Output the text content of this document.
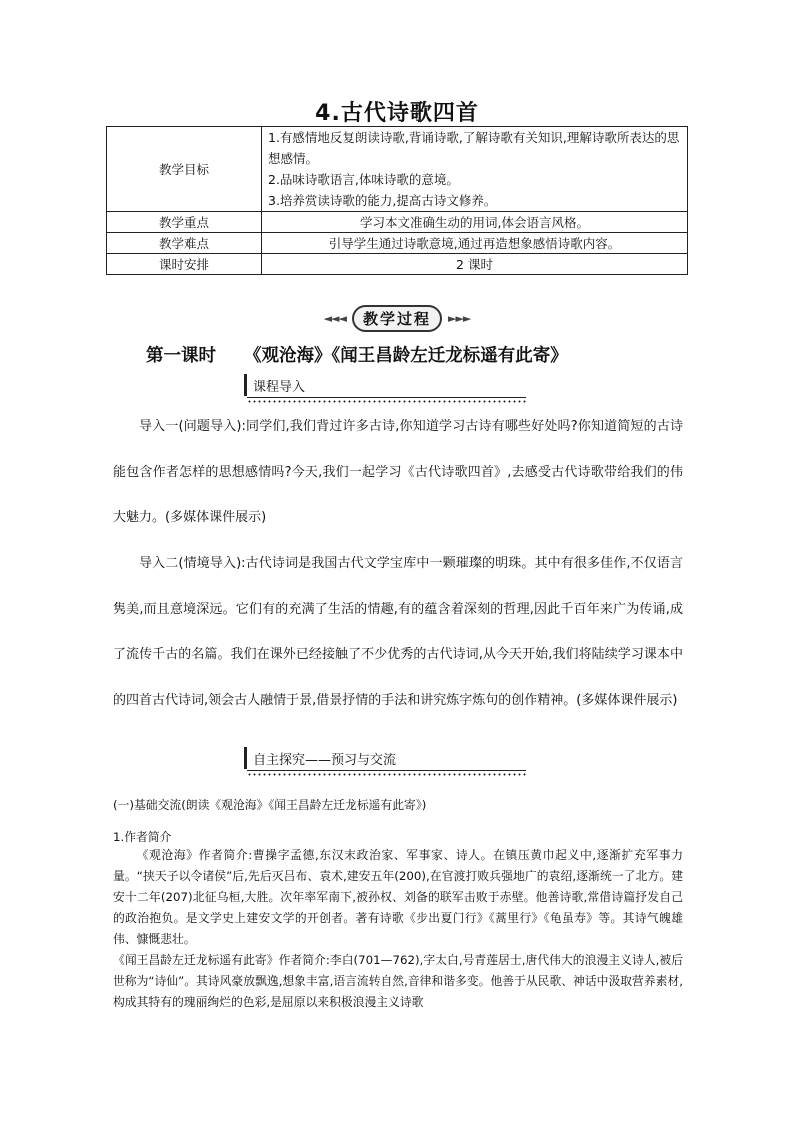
4.古代诗歌四首
教学目标	1.有感情地反复朗读诗歌,背诵诗歌,了解诗歌有关知识,理解诗歌所表达的思想感情。
2.品味诗歌语言,体味诗歌的意境。
3.培养赏读诗歌的能力,提高古诗文修养。

教学重点	学习本文准确生动的用词,体会语言风格。
教学难点	引导学生通过诗歌意境,通过再造想象感悟诗歌内容。
课时安排	2 课时
◄◄◄	教学过程	►►►
第一课时 《观沧海》《闻王昌龄左迁龙标遥有此寄》
课程导入
导入一(问题导入):同学们,我们背过许多古诗,你知道学习古诗有哪些好处吗?你知道简短的古诗能包含作者怎样的思想感情吗?今天,我们一起学习《古代诗歌四首》,去感受古代诗歌带给我们的伟大魅力。(多媒体课件展示)
导入二(情境导入):古代诗词是我国古代文学宝库中一颗璀璨的明珠。其中有很多佳作,不仅语言隽美,而且意境深远。它们有的充满了生活的情趣,有的蕴含着深刻的哲理,因此千百年来广为传诵,成了流传千古的名篇。我们在课外已经接触了不少优秀的古代诗词,从今天开始,我们将陆续学习课本中的四首古代诗词,领会古人融情于景,借景抒情的手法和讲究炼字炼句的创作精神。(多媒体课件展示)
自主探究——预习与交流
(一)基础交流(朗读《观沧海》《闻王昌龄左迁龙标遥有此寄》)
1.作者简介
《观沧海》作者简介:曹操字孟德,东汉末政治家、军事家、诗人。在镇压黄巾起义中,逐渐扩充军事力量。“挟天子以令诸侯”后,先后灭吕布、袁术,建安五年(200),在官渡打败兵强地广的袁绍,逐渐统一了北方。建安十二年(207)北征乌桓,大胜。次年率军南下,被孙权、刘备的联军击败于赤壁。他善诗歌,常借诗篇抒发自己的政治抱负。是文学史上建安文学的开创者。著有诗歌《步出夏门行》《蒿里行》《龟虽寿》等。其诗气魄雄伟、慷慨悲壮。
《闻王昌龄左迁龙标遥有此寄》作者简介:李白(701—762),字太白,号青莲居士,唐代伟大的浪漫主义诗人,被后世称为“诗仙”。其诗风豪放飘逸,想象丰富,语言流转自然,音律和谐多变。他善于从民歌、神话中汲取营养素材,构成其特有的瑰丽绚烂的色彩,是屈原以来积极浪漫主义诗歌
